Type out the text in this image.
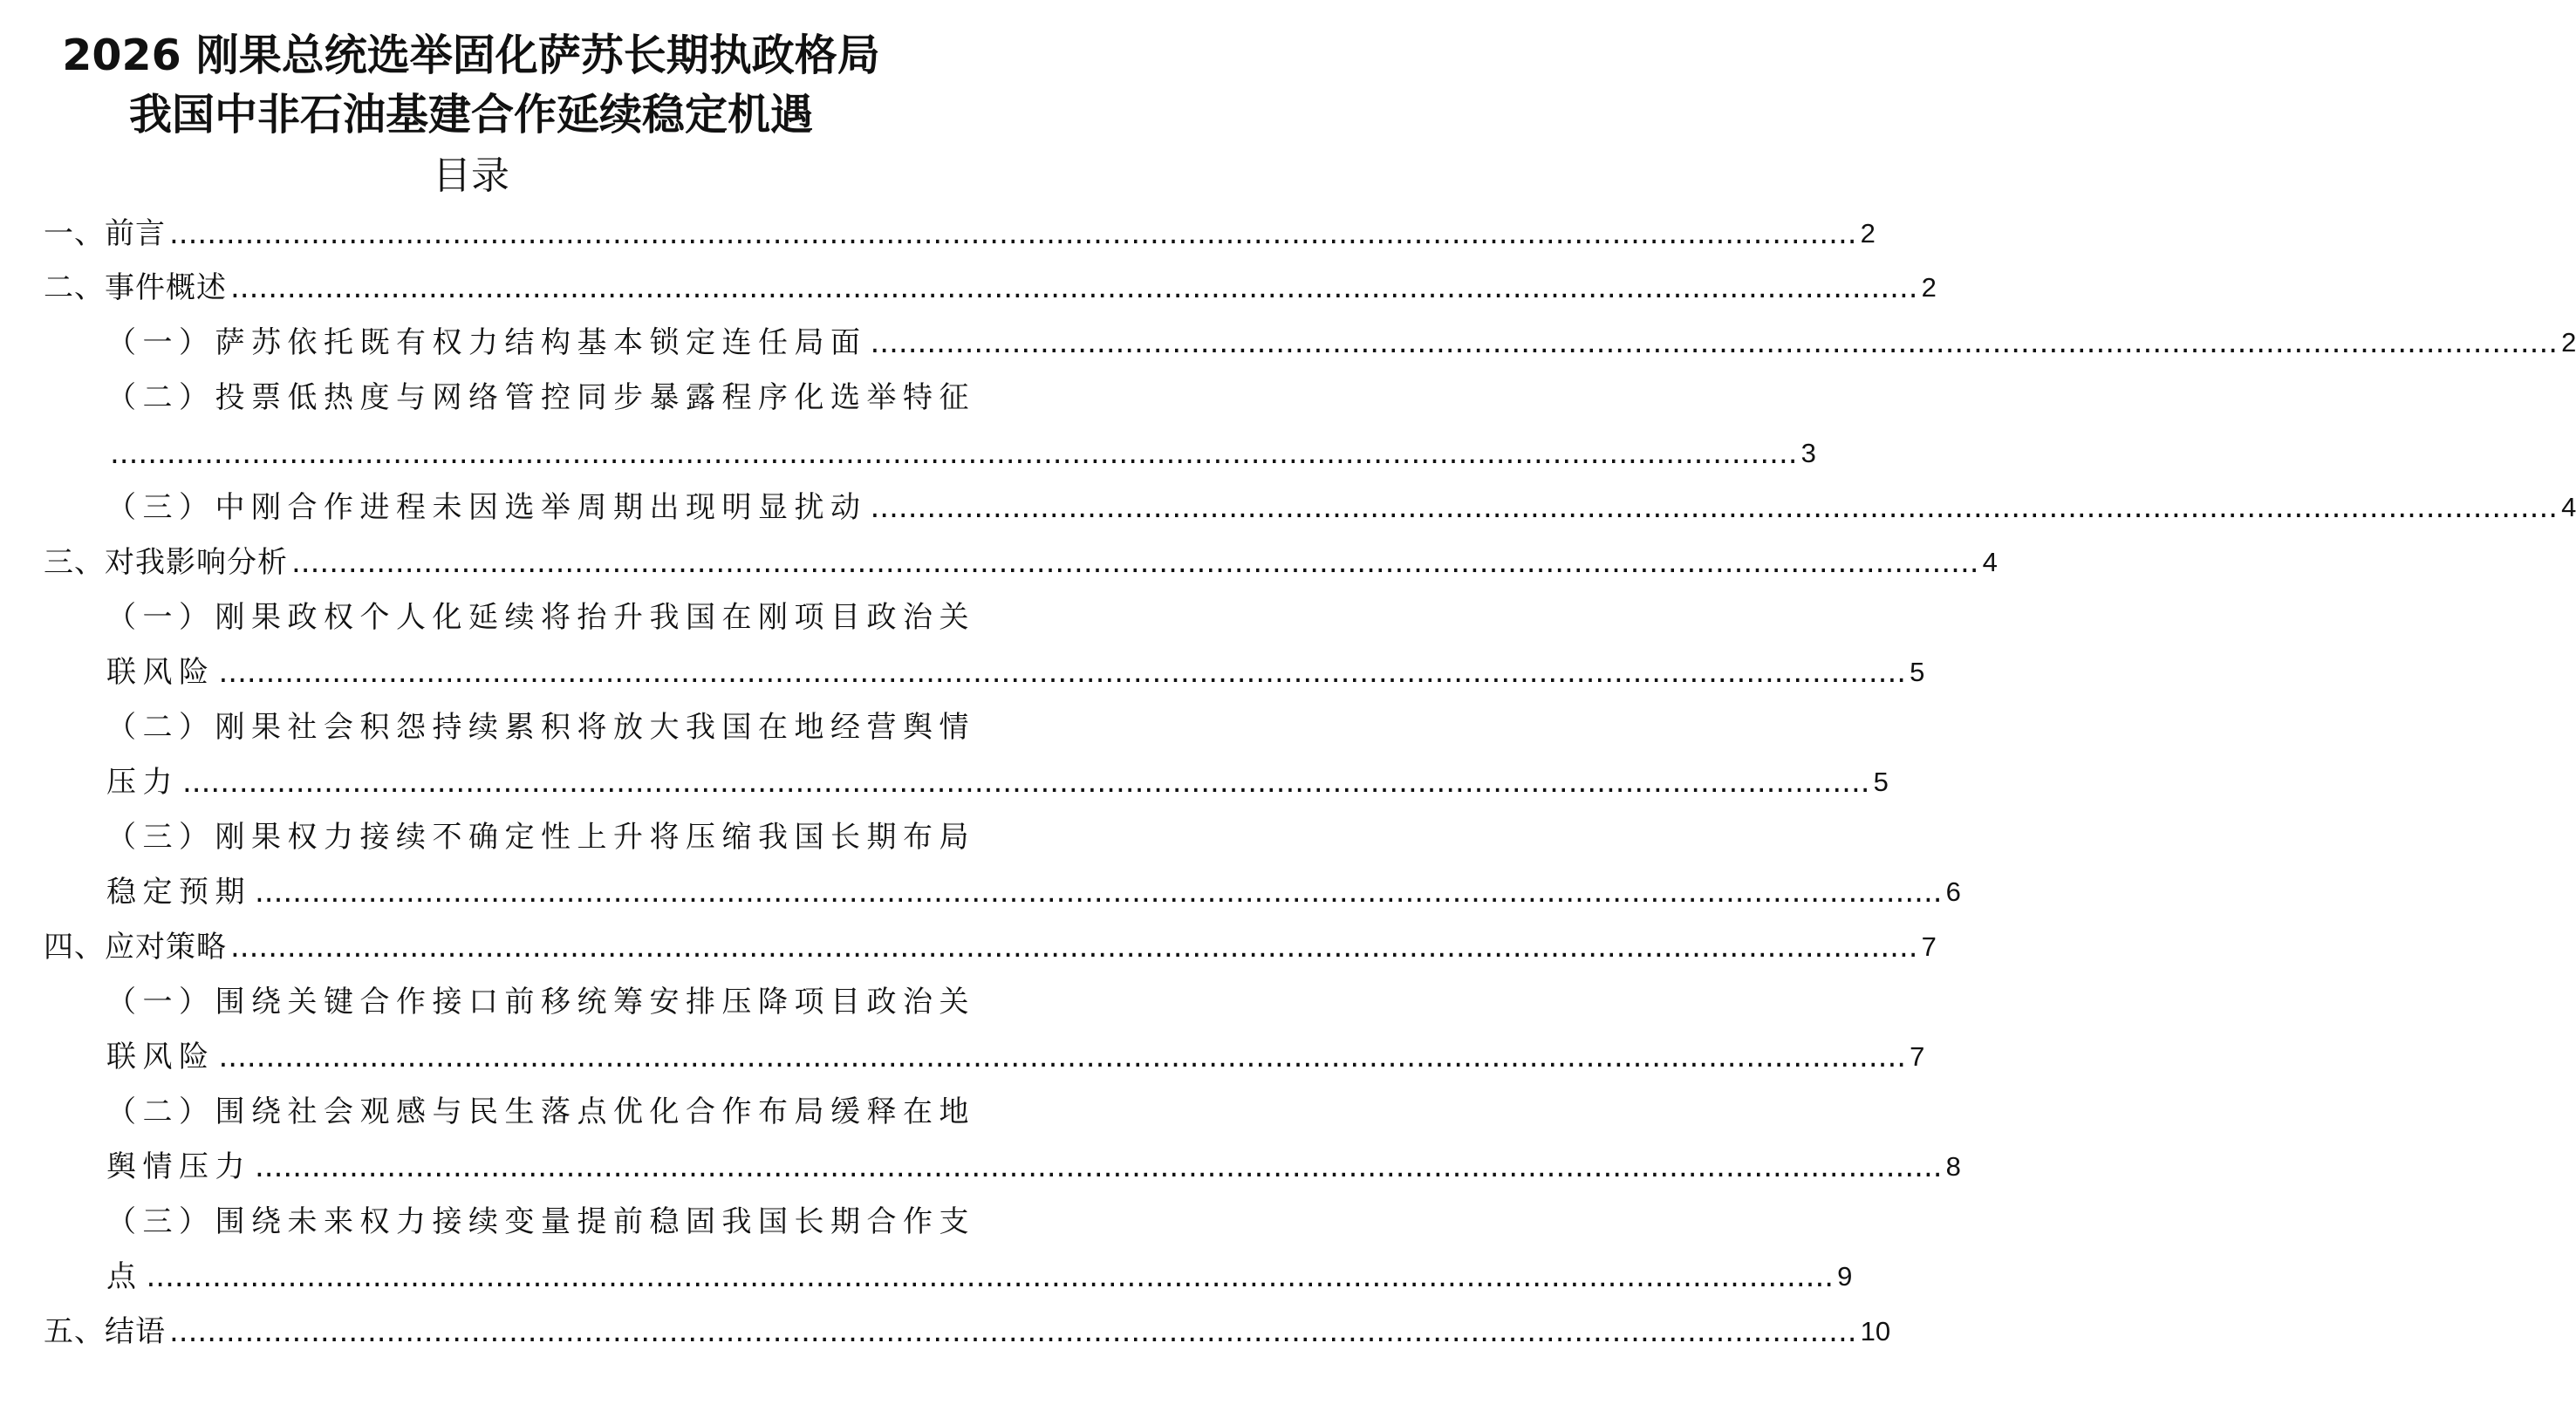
2026 刚果总统选举固化萨苏长期执政格局
我国中非石油基建合作延续稳定机遇
目录
一、前言 ................................................................................................................................................................................... 2
二、事件概述 ................................................................................................................................................................................... 2
（一）萨苏依托既有权力结构基本锁定连任局面 ................................................................................................................................................................................... 2
（二）投票低热度与网络管控同步暴露程序化选举特征
................................................................................................................................................................................... 3
（三）中刚合作进程未因选举周期出现明显扰动 ................................................................................................................................................................................... 4
三、对我影响分析 ................................................................................................................................................................................... 4
（一）刚果政权个人化延续将抬升我国在刚项目政治关
联风险 ................................................................................................................................................................................... 5
（二）刚果社会积怨持续累积将放大我国在地经营舆情
压力 ................................................................................................................................................................................... 5
（三）刚果权力接续不确定性上升将压缩我国长期布局
稳定预期 ................................................................................................................................................................................... 6
四、应对策略 ................................................................................................................................................................................... 7
（一）围绕关键合作接口前移统筹安排压降项目政治关
联风险 ................................................................................................................................................................................... 7
（二）围绕社会观感与民生落点优化合作布局缓释在地
舆情压力 ................................................................................................................................................................................... 8
（三）围绕未来权力接续变量提前稳固我国长期合作支
点 ................................................................................................................................................................................... 9
五、结语 ................................................................................................................................................................................... 10
